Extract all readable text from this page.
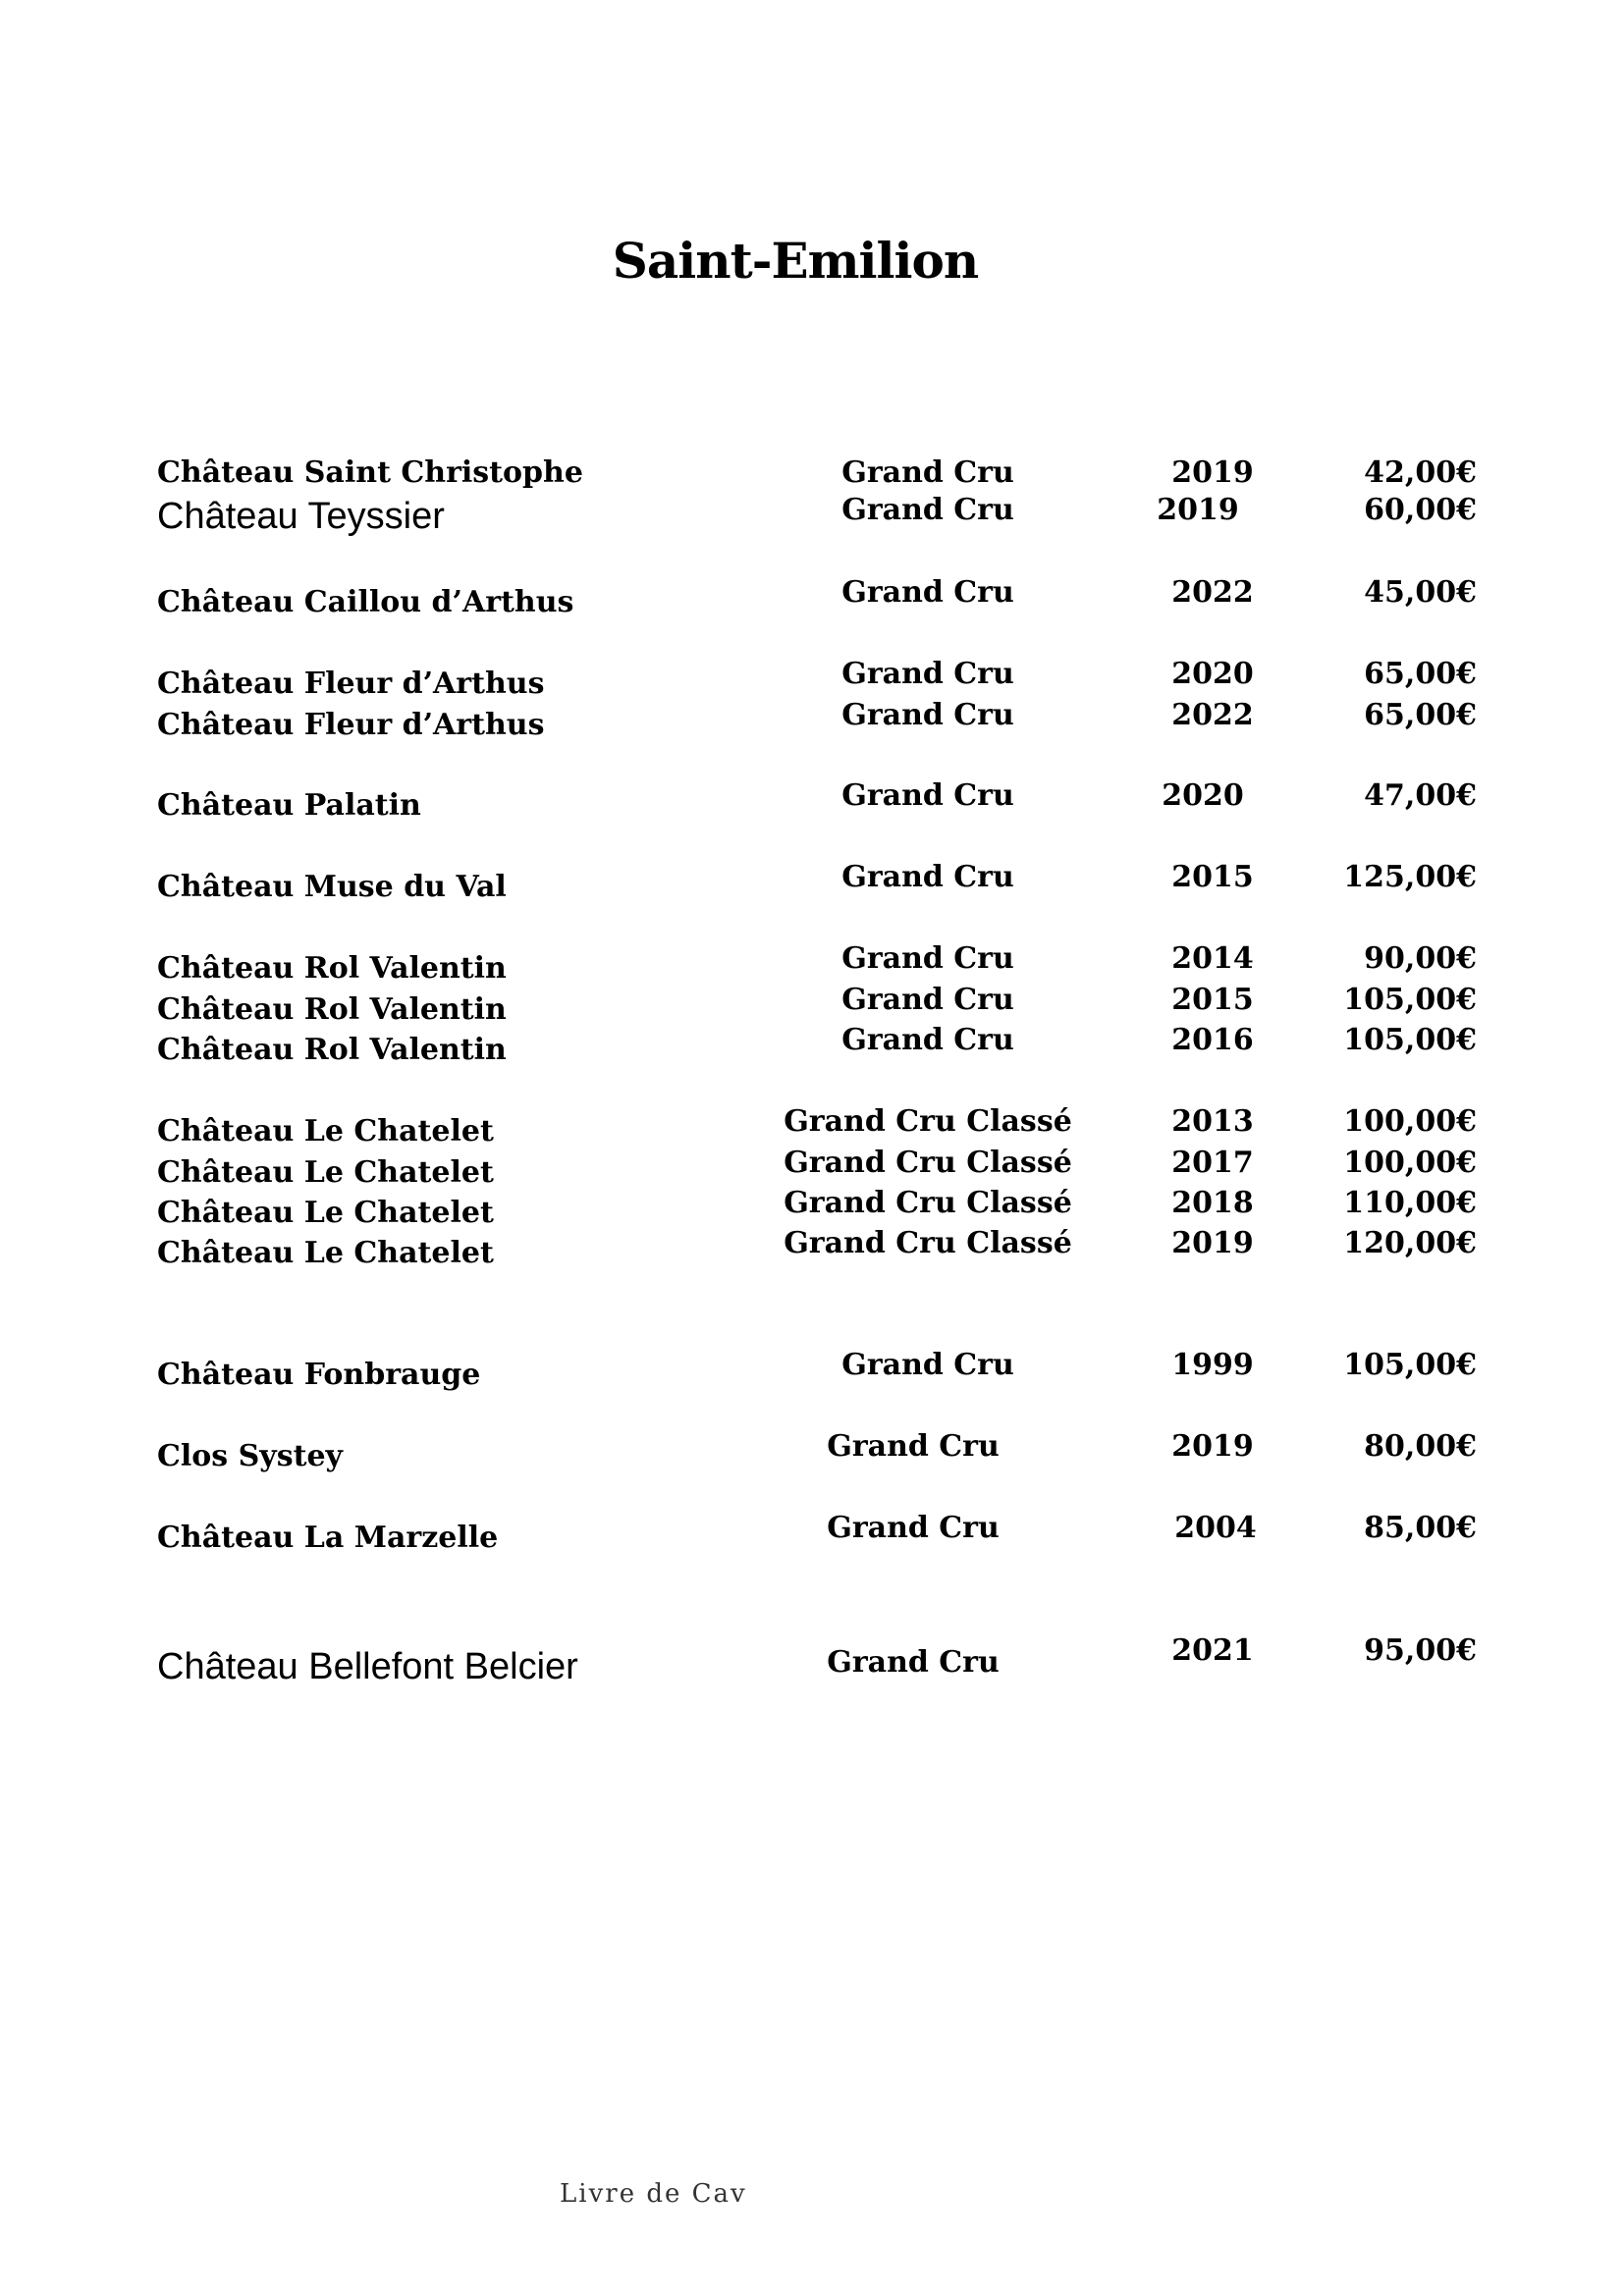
Saint-Emilion
Château Saint Christophe	Grand Cru	2019	42,00€
Château Teyssier	Grand Cru	2019	60,00€
Château Caillou d’Arthus	Grand Cru	2022	45,00€
Château Fleur d’Arthus	Grand Cru	2020	65,00€
Château Fleur d’Arthus	Grand Cru	2022	65,00€
Château Palatin	Grand Cru	2020	47,00€
Château Muse du Val	Grand Cru	2015	125,00€
Château Rol Valentin	Grand Cru	2014	90,00€
Château Rol Valentin	Grand Cru	2015	105,00€
Château Rol Valentin	Grand Cru	2016	105,00€
Château Le Chatelet	Grand Cru Classé	2013	100,00€
Château Le Chatelet	Grand Cru Classé	2017	100,00€
Château Le Chatelet	Grand Cru Classé	2018	110,00€
Château Le Chatelet	Grand Cru Classé	2019	120,00€
Château Fonbrauge	Grand Cru	1999	105,00€
Clos Systey	Grand Cru	2019	80,00€
Château La Marzelle	Grand Cru	2004	85,00€
Château Bellefont Belcier	Grand Cru	2021	95,00€
Livre de Cav
